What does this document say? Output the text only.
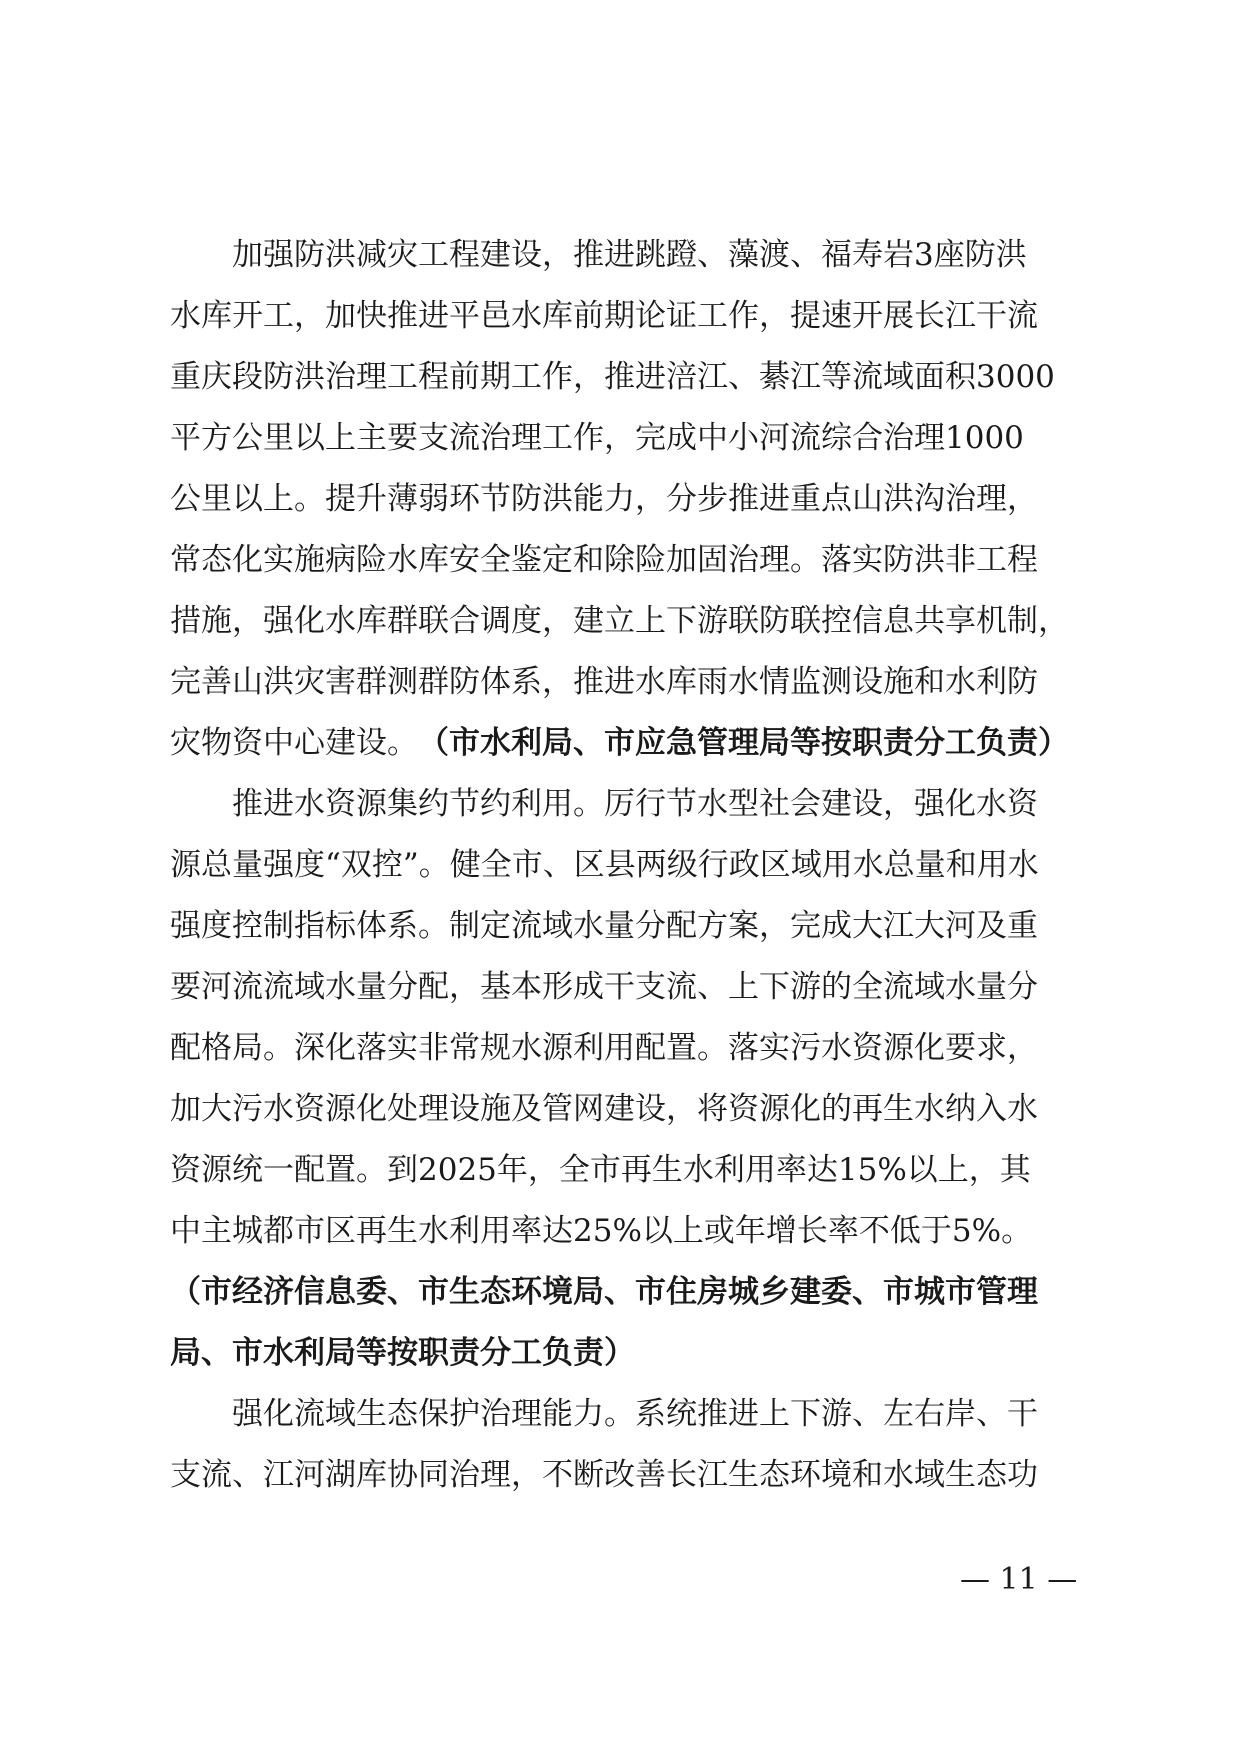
加强防洪减灾工程建设，推进跳蹬、藻渡、福寿岩3座防洪
水库开工，加快推进平邑水库前期论证工作，提速开展长江干流
重庆段防洪治理工程前期工作，推进涪江、綦江等流域面积3000
平方公里以上主要支流治理工作，完成中小河流综合治理1000
公里以上。提升薄弱环节防洪能力，分步推进重点山洪沟治理，
常态化实施病险水库安全鉴定和除险加固治理。落实防洪非工程
措施，强化水库群联合调度，建立上下游联防联控信息共享机制，
完善山洪灾害群测群防体系，推进水库雨水情监测设施和水利防
灾物资中心建设。 （市水利局、市应急管理局等按职责分工负责）
推进水资源集约节约利用。厉行节水型社会建设，强化水资
源总量强度“双控”。健全市、区县两级行政区域用水总量和用水
强度控制指标体系。制定流域水量分配方案，完成大江大河及重
要河流流域水量分配，基本形成干支流、上下游的全流域水量分
配格局。深化落实非常规水源利用配置。落实污水资源化要求，
加大污水资源化处理设施及管网建设，将资源化的再生水纳入水
资源统一配置。到2025年，全市再生水利用率达15%以上，其
中主城都市区再生水利用率达25%以上或年增长率不低于5%。
（市经济信息委、市生态环境局、市住房城乡建委、市城市管理
局、市水利局等按职责分工负责）
强化流域生态保护治理能力。系统推进上下游、左右岸、干
支流、江河湖库协同治理，不断改善长江生态环境和水域生态功
— 11 —
